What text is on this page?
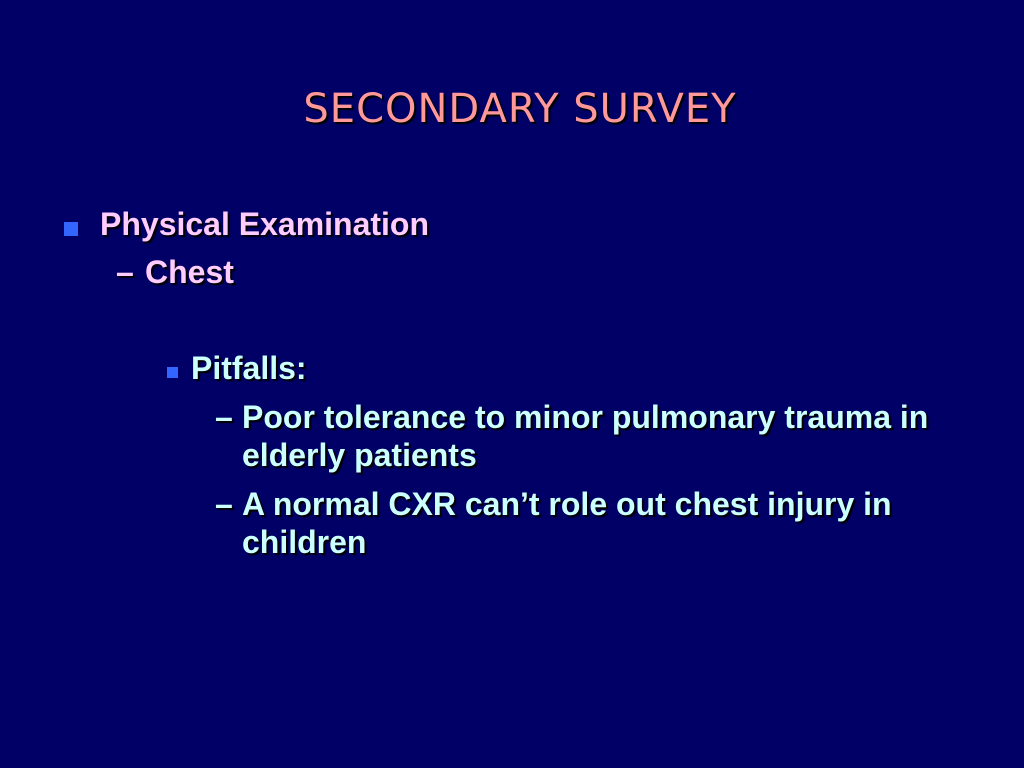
SECONDARY SURVEY
Physical Examination
– Chest
Pitfalls:
– Poor tolerance to minor pulmonary trauma in
elderly patients
– A normal CXR can’t role out chest injury in
children
